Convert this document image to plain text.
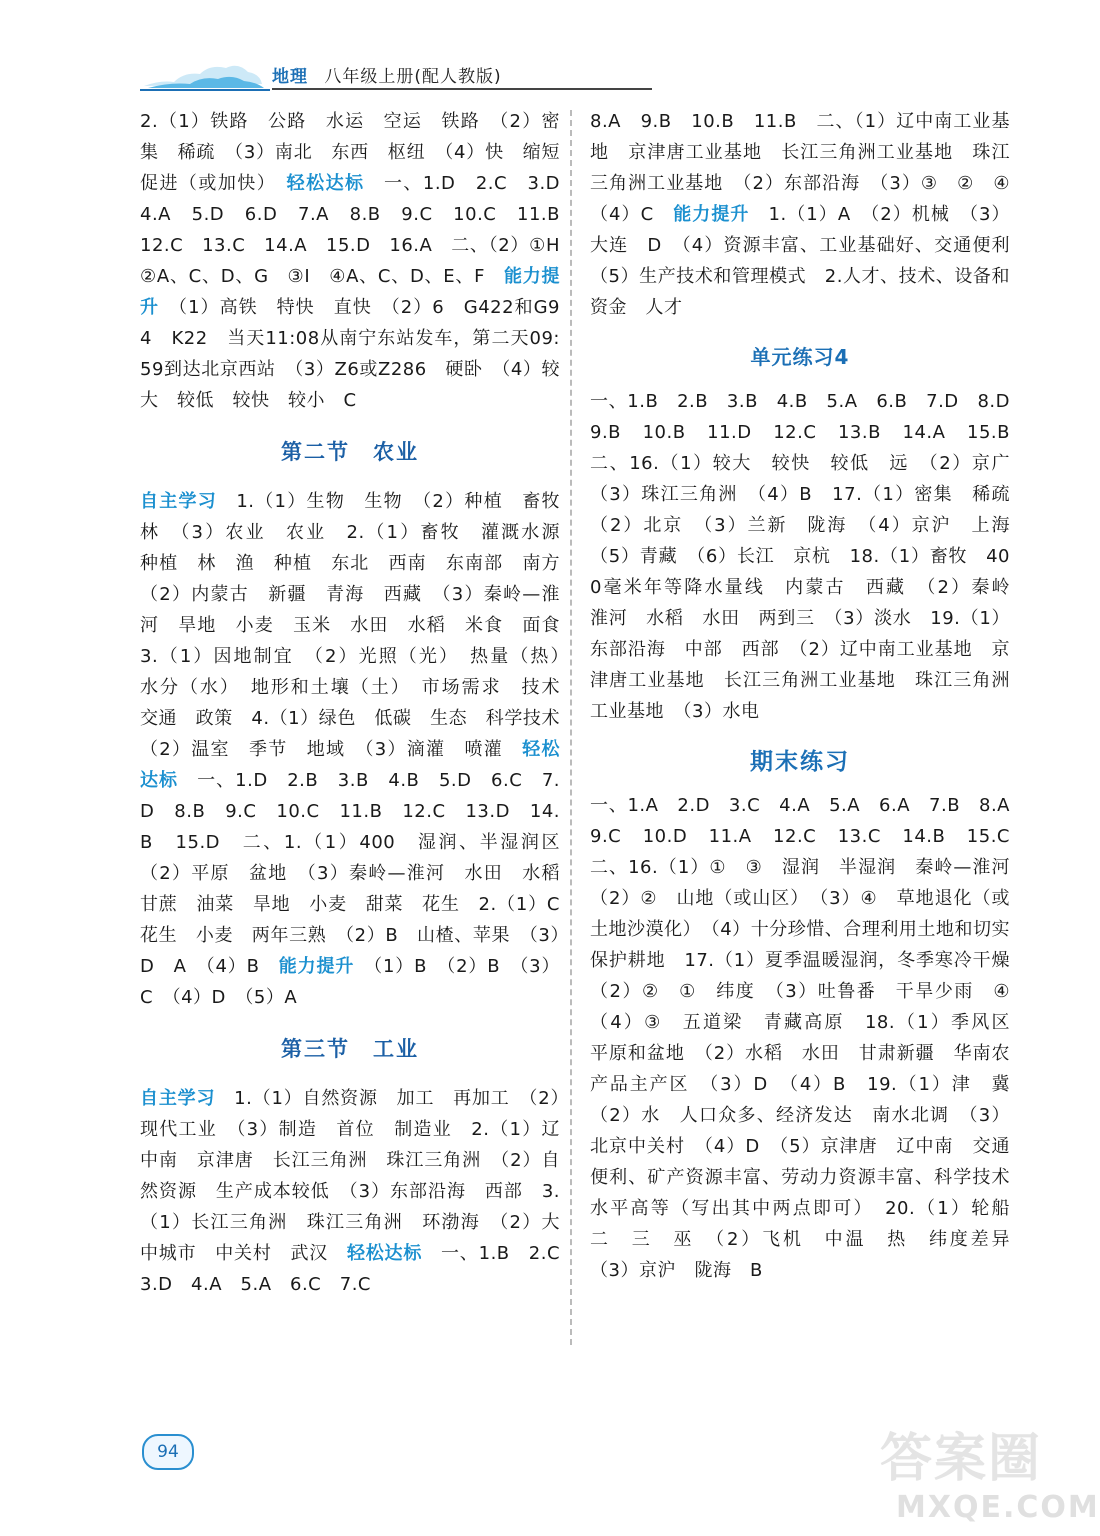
地理 八年级上册(配人教版)

2.（1）铁路　公路　水运　空运　铁路　（2）密集　稀疏　（3）南北　东西　枢纽　（4）快　缩短　促进（或加快）　轻松达标　一、1.D　2.C　3.D　4.A　5.D　6.D　7.A　8.B　9.C　10.C　11.B　12.C　13.C　14.A　15.D　16.A　二、（2）①H　②A、C、D、G　③I　④A、C、D、E、F　能力提升　（1）高铁　特快　直快　（2）6　G422和G94　K22　当天11:08从南宁东站发车，第二天09:59到达北京西站　（3）Z6或Z286　硬卧　（4）较大　较低　较快　较小　C

第二节　农业

自主学习　1.（1）生物　生物　（2）种植　畜牧　林　（3）农业　农业　2.（1）畜牧　灌溉水源　种植　林　渔　种植　东北　西南　东南部　南方　（2）内蒙古　新疆　青海　西藏　（3）秦岭—淮河　旱地　小麦　玉米　水田　水稻　米食　面食　3.（1）因地制宜　（2）光照（光）　热量（热）　水分（水）　地形和土壤（土）　市场需求　技术　交通　政策　4.（1）绿色　低碳　生态　科学技术　（2）温室　季节　地域　（3）滴灌　喷灌　轻松达标　一、1.D　2.B　3.B　4.B　5.D　6.C　7.D　8.B　9.C　10.C　11.B　12.C　13.D　14.B　15.D　二、1.（1）400　湿润、半湿润区　（2）平原　盆地　（3）秦岭—淮河　水田　水稻　甘蔗　油菜　旱地　小麦　甜菜　花生　2.（1）C　花生　小麦　两年三熟　（2）B　山楂、苹果　（3）D　A　（4）B　能力提升　（1）B　（2）B　（3）C　（4）D　（5）A

第三节　工业

自主学习　1.（1）自然资源　加工　再加工　（2）现代工业　（3）制造　首位　制造业　2.（1）辽中南　京津唐　长江三角洲　珠江三角洲　（2）自然资源　生产成本较低　（3）东部沿海　西部　3.（1）长江三角洲　珠江三角洲　环渤海　（2）大中城市　中关村　武汉　轻松达标　一、1.B　2.C　3.D　4.A　5.A　6.C　7.C

8.A　9.B　10.B　11.B　二、（1）辽中南工业基地　京津唐工业基地　长江三角洲工业基地　珠江三角洲工业基地　（2）东部沿海　（3）③　②　④　（4）C　能力提升　1.（1）A　（2）机械　（3）大连　D　（4）资源丰富、工业基础好、交通便利　（5）生产技术和管理模式　2.人才、技术、设备和资金　人才

单元练习4

一、1.B　2.B　3.B　4.B　5.A　6.B　7.D　8.D　9.B　10.B　11.D　12.C　13.B　14.A　15.B　二、16.（1）较大　较快　较低　远　（2）京广　（3）珠江三角洲　（4）B　17.（1）密集　稀疏　（2）北京　（3）兰新　陇海　（4）京沪　上海　（5）青藏　（6）长江　京杭　18.（1）畜牧　400毫米年等降水量线　内蒙古　西藏　（2）秦岭　淮河　水稻　水田　两到三　（3）淡水　19.（1）东部沿海　中部　西部　（2）辽中南工业基地　京津唐工业基地　长江三角洲工业基地　珠江三角洲工业基地　（3）水电

期末练习

一、1.A　2.D　3.C　4.A　5.A　6.A　7.B　8.A　9.C　10.D　11.A　12.C　13.C　14.B　15.C　二、16.（1）①　③　湿润　半湿润　秦岭—淮河　（2）②　山地（或山区）　（3）④　草地退化（或土地沙漠化）　（4）十分珍惜、合理利用土地和切实保护耕地　17.（1）夏季温暖湿润，冬季寒冷干燥　（2）②　①　纬度　（3）吐鲁番　干旱少雨　④　（4）③　五道梁　青藏高原　18.（1）季风区　平原和盆地　（2）水稻　水田　甘肃新疆　华南农产品主产区　（3）D　（4）B　19.（1）津　冀　（2）水　人口众多、经济发达　南水北调　（3）北京中关村　（4）D　（5）京津唐　辽中南　交通便利、矿产资源丰富、劳动力资源丰富、科学技术水平高等（写出其中两点即可）　20.（1）轮船　二　三　巫　（2）飞机　中温　热　纬度差异　（3）京沪　陇海　B

94	答案圈
MXQE.COM
